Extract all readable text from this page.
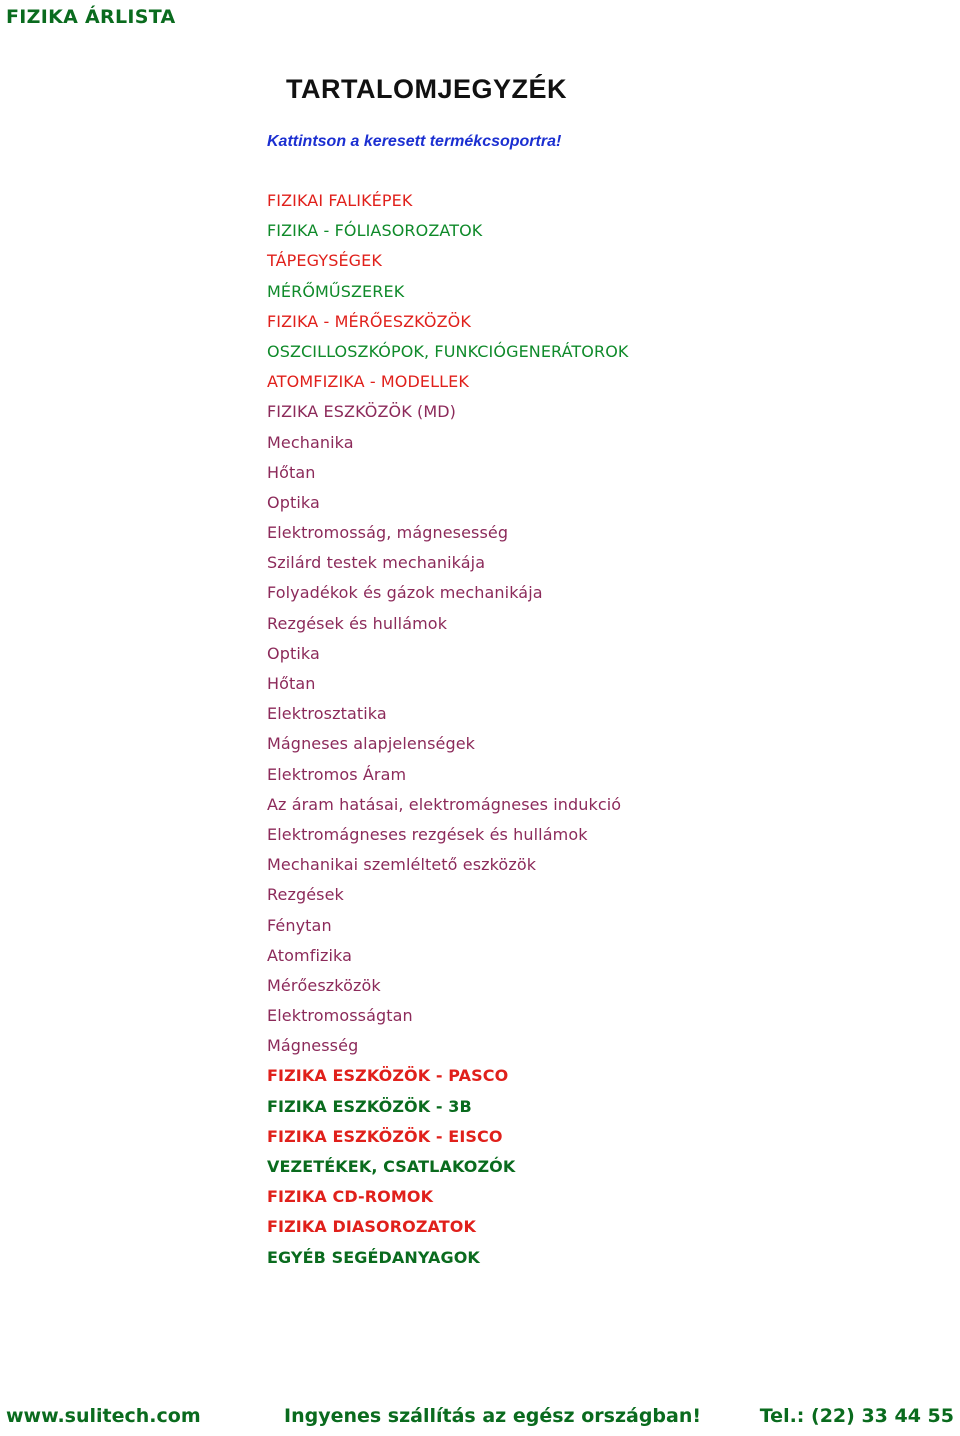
FIZIKA ÁRLISTA
TARTALOMJEGYZÉK
Kattintson a keresett termékcsoportra!
FIZIKAI FALIKÉPEK
FIZIKA - FÓLIASOROZATOK
TÁPEGYSÉGEK
MÉRŐMŰSZEREK
FIZIKA - MÉRŐESZKÖZÖK
OSZCILLOSZKÓPOK, FUNKCIÓGENERÁTOROK
ATOMFIZIKA - MODELLEK
FIZIKA ESZKÖZÖK (MD)
Mechanika
Hőtan
Optika
Elektromosság, mágnesesség
Szilárd testek mechanikája
Folyadékok és gázok mechanikája
Rezgések és hullámok
Optika
Hőtan
Elektrosztatika
Mágneses alapjelenségek
Elektromos Áram
Az áram hatásai, elektromágneses indukció
Elektromágneses rezgések és hullámok
Mechanikai szemléltető eszközök
Rezgések
Fénytan
Atomfizika
Mérőeszközök
Elektromosságtan
Mágnesség
FIZIKA ESZKÖZÖK - PASCO
FIZIKA ESZKÖZÖK - 3B
FIZIKA ESZKÖZÖK - EISCO
VEZETÉKEK, CSATLAKOZÓK
FIZIKA CD-ROMOK
FIZIKA DIASOROZATOK
EGYÉB SEGÉDANYAGOK
www.sulitech.com	Ingyenes szállítás az egész országban!	Tel.: (22) 33 44 55
